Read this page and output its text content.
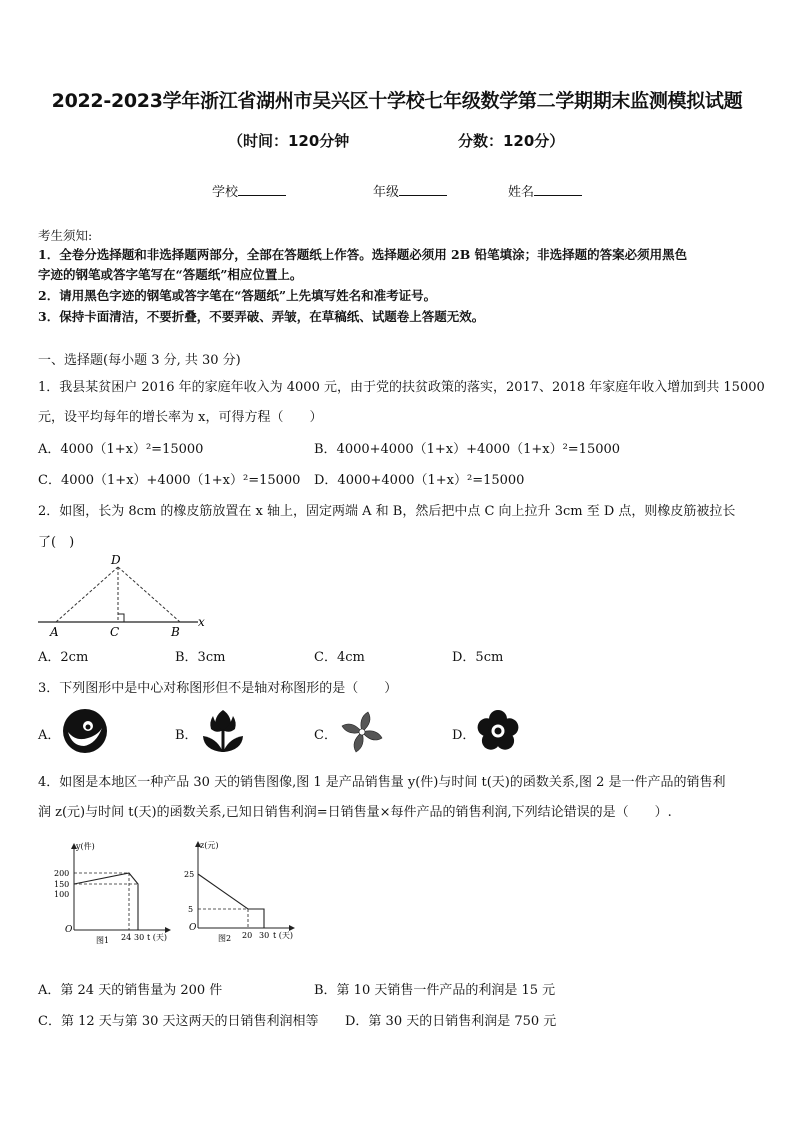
2022-2023学年浙江省湖州市吴兴区十学校七年级数学第二学期期末监测模拟试题
（时间：120分钟	分数：120分）
学校	年级	姓名
考生须知:
1．全卷分选择题和非选择题两部分，全部在答题纸上作答。选择题必须用 2B 铅笔填涂；非选择题的答案必须用黑色
字迹的钢笔或答字笔写在“答题纸”相应位置上。
2．请用黑色字迹的钢笔或答字笔在“答题纸”上先填写姓名和准考证号。
3．保持卡面清洁，不要折叠，不要弄破、弄皱，在草稿纸、试题卷上答题无效。
一、选择题(每小题 3 分, 共 30 分)
1．我县某贫困户 2016 年的家庭年收入为 4000 元，由于党的扶贫政策的落实，2017、2018 年家庭年收入增加到共 15000
元，设平均每年的增长率为 x，可得方程（　　）
A．4000（1+x）²=15000	B．4000+4000（1+x）+4000（1+x）²=15000
C．4000（1+x）+4000（1+x）²=15000 D．4000+4000（1+x）²=15000
2．如图，长为 8cm 的橡皮筋放置在 x 轴上，固定两端 A 和 B，然后把中点 C 向上拉升 3cm 至 D 点，则橡皮筋被拉长
了(　)
D
A	C	B
x
A．2cm	B．3cm	C．4cm	D．5cm
3．下列图形中是中心对称图形但不是轴对称图形的是（　　）
A．	B．	C．	D．
4．如图是本地区一种产品 30 天的销售图像,图 1 是产品销售量 y(件)与时间 t(天)的函数关系,图 2 是一件产品的销售利
润 z(元)与时间 t(天)的函数关系,已知日销售利润=日销售量×每件产品的销售利润,下列结论错误的是（　　）.
y(件)
200
150
100
O
24 30 t (天)
图1
z(元)
25
5
O
20 30 t (天)
图2
A．第 24 天的销售量为 200 件	B．第 10 天销售一件产品的利润是 15 元
C．第 12 天与第 30 天这两天的日销售利润相等 D．第 30 天的日销售利润是 750 元
